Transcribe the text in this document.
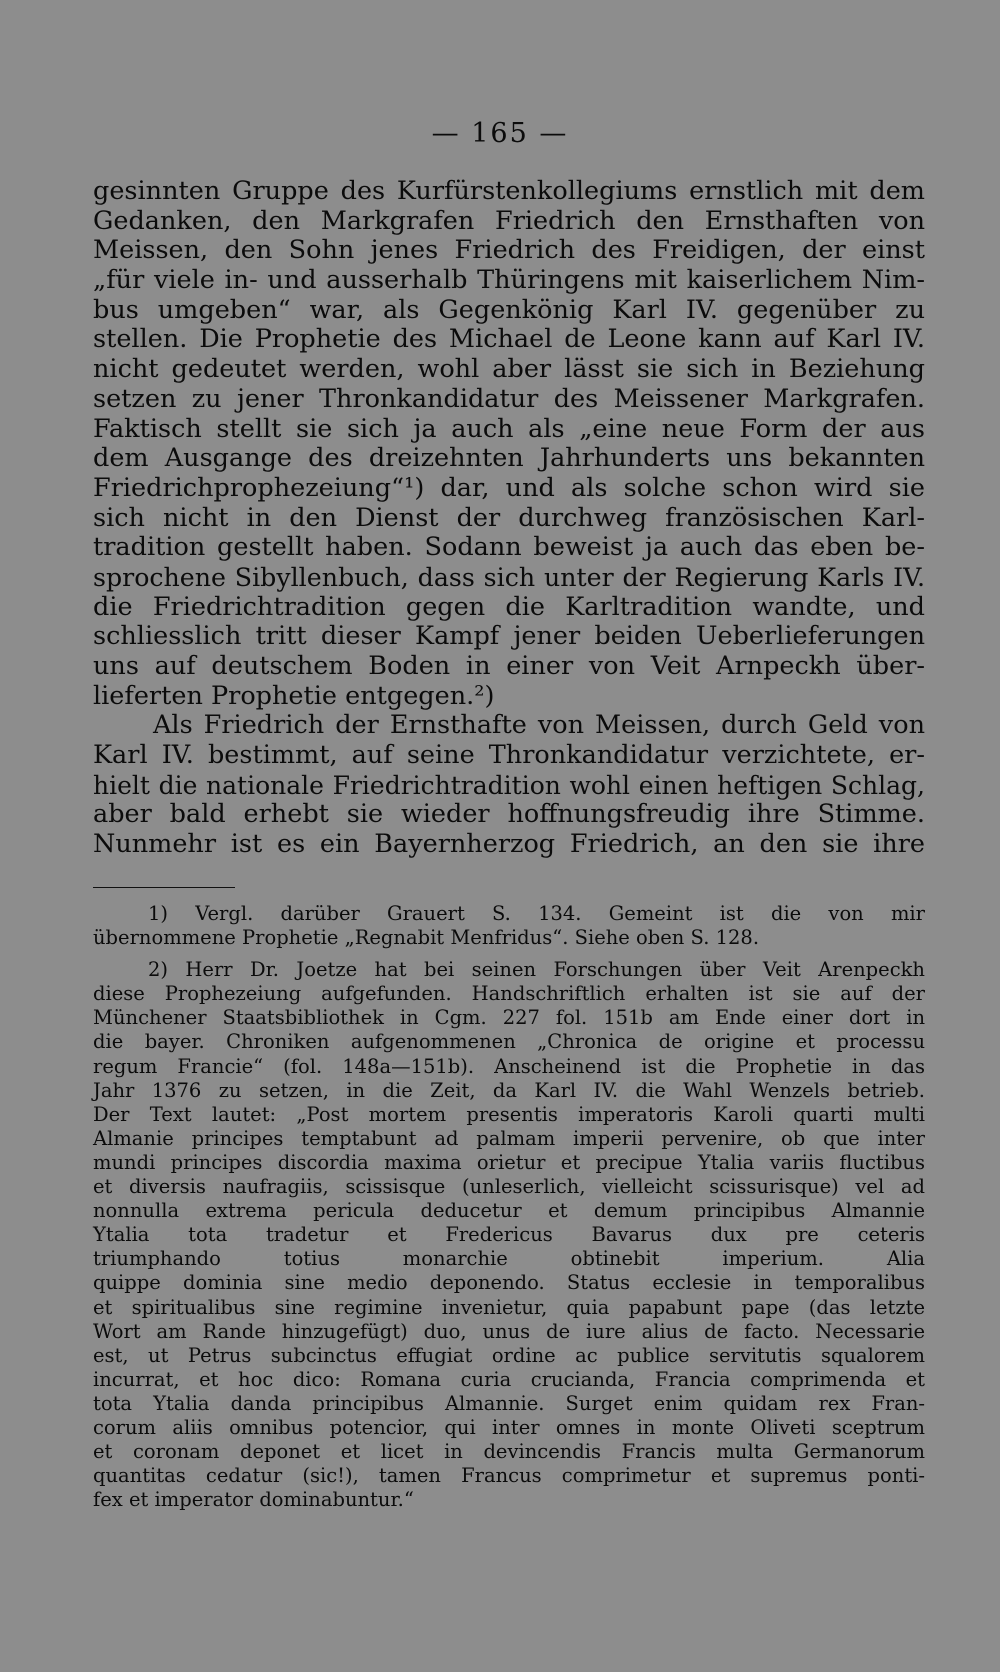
— 165 —
gesinnten Gruppe des Kurfürstenkollegiums ernstlich mit dem
Gedanken, den Markgrafen Friedrich den Ernsthaften von
Meissen, den Sohn jenes Friedrich des Freidigen, der einst
„für viele in- und ausserhalb Thüringens mit kaiserlichem Nim-
bus umgeben“ war, als Gegenkönig Karl IV. gegenüber zu
stellen. Die Prophetie des Michael de Leone kann auf Karl IV.
nicht gedeutet werden, wohl aber lässt sie sich in Beziehung
setzen zu jener Thronkandidatur des Meissener Markgrafen.
Faktisch stellt sie sich ja auch als „eine neue Form der aus
dem Ausgange des dreizehnten Jahrhunderts uns bekannten
Friedrichprophezeiung“¹) dar, und als solche schon wird sie
sich nicht in den Dienst der durchweg französischen Karl-
tradition gestellt haben. Sodann beweist ja auch das eben be-
sprochene Sibyllenbuch, dass sich unter der Regierung Karls IV.
die Friedrichtradition gegen die Karltradition wandte, und
schliesslich tritt dieser Kampf jener beiden Ueberlieferungen
uns auf deutschem Boden in einer von Veit Arnpeckh über-
lieferten Prophetie entgegen.²)
Als Friedrich der Ernsthafte von Meissen, durch Geld von
Karl IV. bestimmt, auf seine Thronkandidatur verzichtete, er-
hielt die nationale Friedrichtradition wohl einen heftigen Schlag,
aber bald erhebt sie wieder hoffnungsfreudig ihre Stimme.
Nunmehr ist es ein Bayernherzog Friedrich, an den sie ihre
1) Vergl. darüber Grauert S. 134. Gemeint ist die von mir
übernommene Prophetie „Regnabit Menfridus“. Siehe oben S. 128.
2) Herr Dr. Joetze hat bei seinen Forschungen über Veit Arenpeckh
diese Prophezeiung aufgefunden. Handschriftlich erhalten ist sie auf der
Münchener Staatsbibliothek in Cgm. 227 fol. 151b am Ende einer dort in
die bayer. Chroniken aufgenommenen „Chronica de origine et processu
regum Francie“ (fol. 148a—151b). Anscheinend ist die Prophetie in das
Jahr 1376 zu setzen, in die Zeit, da Karl IV. die Wahl Wenzels betrieb.
Der Text lautet: „Post mortem presentis imperatoris Karoli quarti multi
Almanie principes temptabunt ad palmam imperii pervenire, ob que inter
mundi principes discordia maxima orietur et precipue Ytalia variis fluctibus
et diversis naufragiis, scissisque (unleserlich, vielleicht scissurisque) vel ad
nonnulla extrema pericula deducetur et demum principibus Almannie
Ytalia tota tradetur et Fredericus Bavarus dux pre ceteris
triumphando totius monarchie obtinebit imperium. Alia
quippe dominia sine medio deponendo. Status ecclesie in temporalibus
et spiritualibus sine regimine invenietur, quia papabunt pape (das letzte
Wort am Rande hinzugefügt) duo, unus de iure alius de facto. Necessarie
est, ut Petrus subcinctus effugiat ordine ac publice servitutis squalorem
incurrat, et hoc dico: Romana curia crucianda, Francia comprimenda et
tota Ytalia danda principibus Almannie. Surget enim quidam rex Fran-
corum aliis omnibus potencior, qui inter omnes in monte Oliveti sceptrum
et coronam deponet et licet in devincendis Francis multa Germanorum
quantitas cedatur (sic!), tamen Francus comprimetur et supremus ponti-
fex et imperator dominabuntur.“
